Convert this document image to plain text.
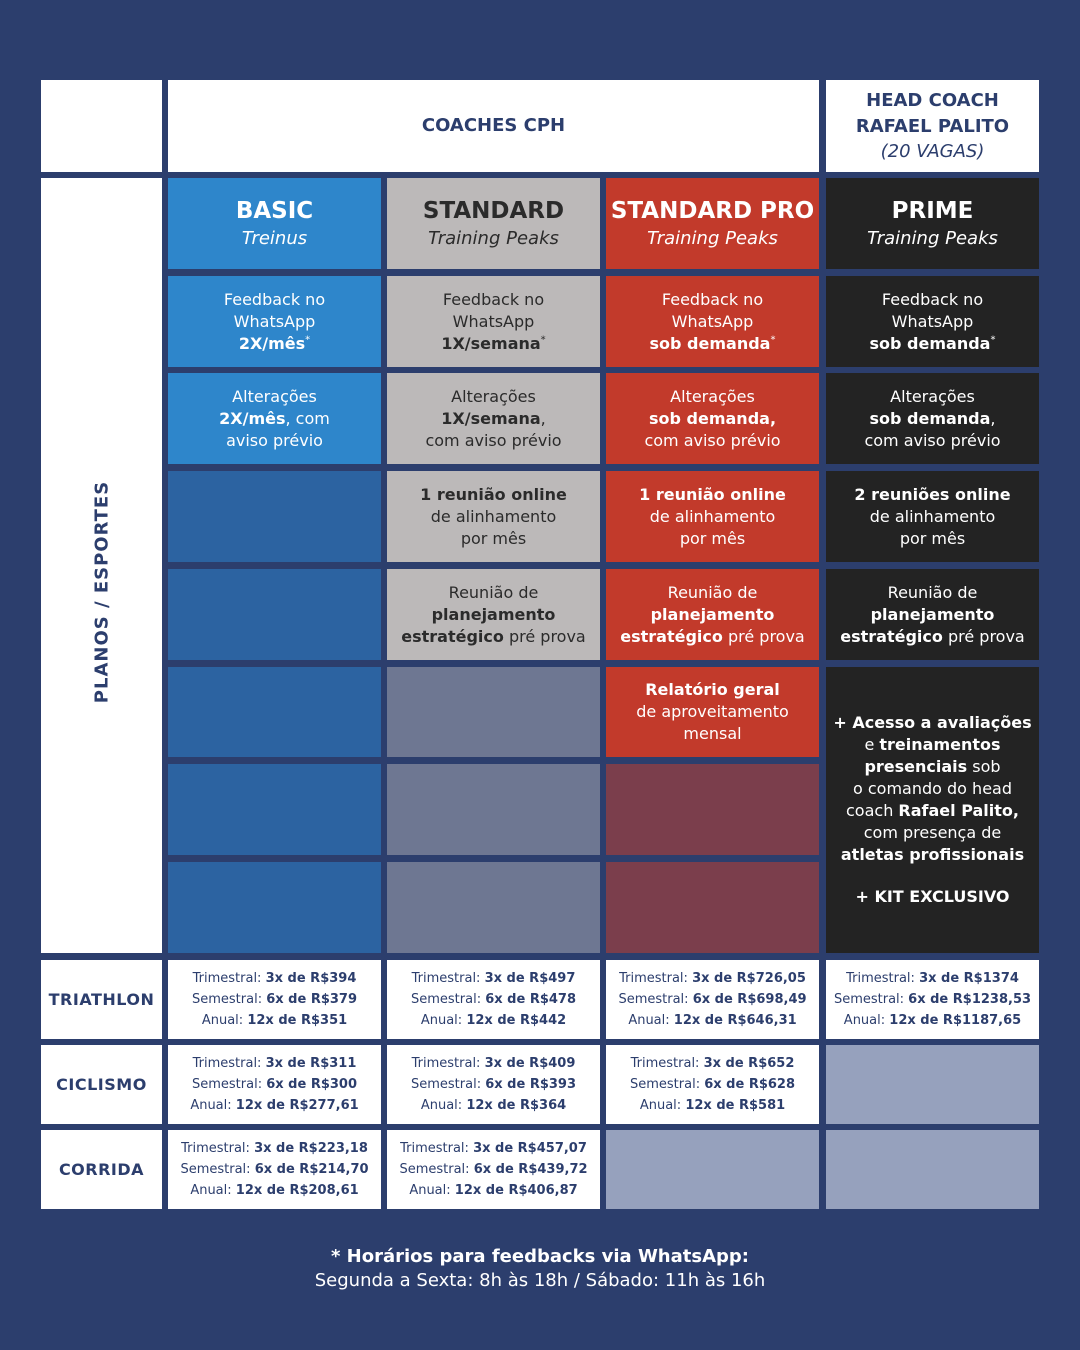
COACHES CPH
HEAD COACH
RAFAEL PALITO
(20 VAGAS)
PLANOS / ESPORTES
BASIC
Treinus
STANDARD
Training Peaks
STANDARD PRO
Training Peaks
PRIME
Training Peaks
Feedback no
WhatsApp
2X/mês*
Feedback no
WhatsApp
1X/semana*
Feedback no
WhatsApp
sob demanda*
Feedback no
WhatsApp
sob demanda*
Alterações
2X/mês, com
aviso prévio
Alterações
1X/semana,
com aviso prévio
Alterações
sob demanda,
com aviso prévio
Alterações
sob demanda,
com aviso prévio
1 reunião online
de alinhamento
por mês
1 reunião online
de alinhamento
por mês
2 reuniões online
de alinhamento
por mês
Reunião de
planejamento
estratégico pré prova
Reunião de
planejamento
estratégico pré prova
Reunião de
planejamento
estratégico pré prova
Relatório geral
de aproveitamento
mensal
+ Acesso a avaliações
e treinamentos
presenciais sob
o comando do head
coach Rafael Palito,
com presença de
atletas profissionais
+ KIT EXCLUSIVO
TRIATHLON
Trimestral: 3x de R$394
Semestral: 6x de R$379
Anual: 12x de R$351
Trimestral: 3x de R$497
Semestral: 6x de R$478
Anual: 12x de R$442
Trimestral: 3x de R$726,05
Semestral: 6x de R$698,49
Anual: 12x de R$646,31
Trimestral: 3x de R$1374
Semestral: 6x de R$1238,53
Anual: 12x de R$1187,65
CICLISMO
Trimestral: 3x de R$311
Semestral: 6x de R$300
Anual: 12x de R$277,61
Trimestral: 3x de R$409
Semestral: 6x de R$393
Anual: 12x de R$364
Trimestral: 3x de R$652
Semestral: 6x de R$628
Anual: 12x de R$581
CORRIDA
Trimestral: 3x de R$223,18
Semestral: 6x de R$214,70
Anual: 12x de R$208,61
Trimestral: 3x de R$457,07
Semestral: 6x de R$439,72
Anual: 12x de R$406,87
* Horários para feedbacks via WhatsApp:
Segunda a Sexta: 8h às 18h / Sábado: 11h às 16h
